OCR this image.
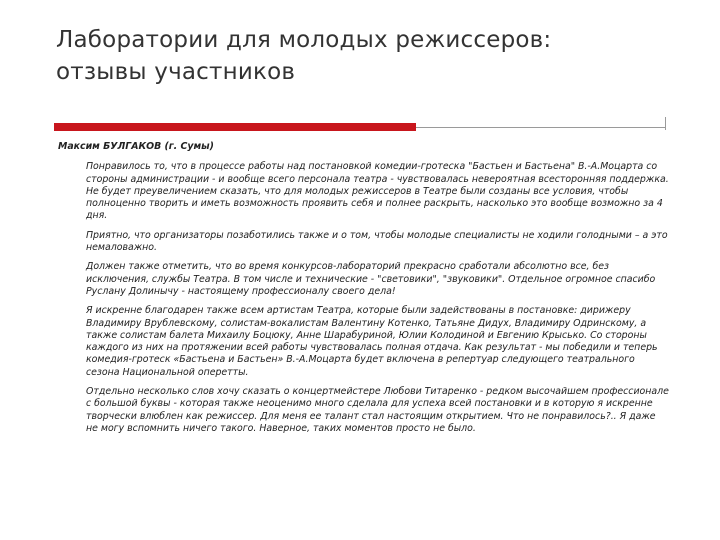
Лаборатории для молодых режиссеров:
отзывы участников
Максим БУЛГАКОВ (г. Сумы)

Понравилось то, что в процессе работы над постановкой комедии-гротеска "Бастьен и Бастьена" В.-А.Моцарта со стороны администрации - и вообще всего персонала театра - чувствовалась невероятная всесторонняя поддержка. Не будет преувеличением сказать, что для молодых режиссеров в Театре были созданы все условия, чтобы полноценно творить и иметь возможность проявить себя и полнее раскрыть, насколько это вообще возможно за 4 дня.

Приятно, что организаторы позаботились также и о том, чтобы молодые специалисты не ходили голодными – а это немаловажно.

Должен также отметить, что во время конкурсов-лабораторий прекрасно сработали абсолютно все, без исключения, службы Театра. В том числе и технические - "световики", "звуковики". Отдельное огромное спасибо Руслану Долинычу - настоящему профессионалу своего дела!

Я искренне благодарен также всем артистам Театра, которые были задействованы в постановке: дирижеру Владимиру Врублевскому, солистам-вокалистам Валентину Котенко, Татьяне Дидух, Владимиру Одринскому, а также солистам балета Михаилу Боцюку, Анне Шарабуриной, Юлии Колодиной и Евгению Крысько. Со стороны каждого из них на протяжении всей работы чувствовалась полная отдача. Как результат - мы победили и теперь комедия-гротеск «Бастьена и Бастьен» В.-А.Моцарта будет включена в репертуар следующего театрального сезона Национальной оперетты.

Отдельно несколько слов хочу сказать о концертмейстере Любови Титаренко - редком высочайшем профессионале с большой буквы - которая также неоценимо много сделала для успеха всей постановки и в которую я искренне творчески влюблен как режиссер. Для меня ее талант стал настоящим открытием. Что не понравилось?.. Я даже не могу вспомнить ничего такого. Наверное, таких моментов просто не было.
